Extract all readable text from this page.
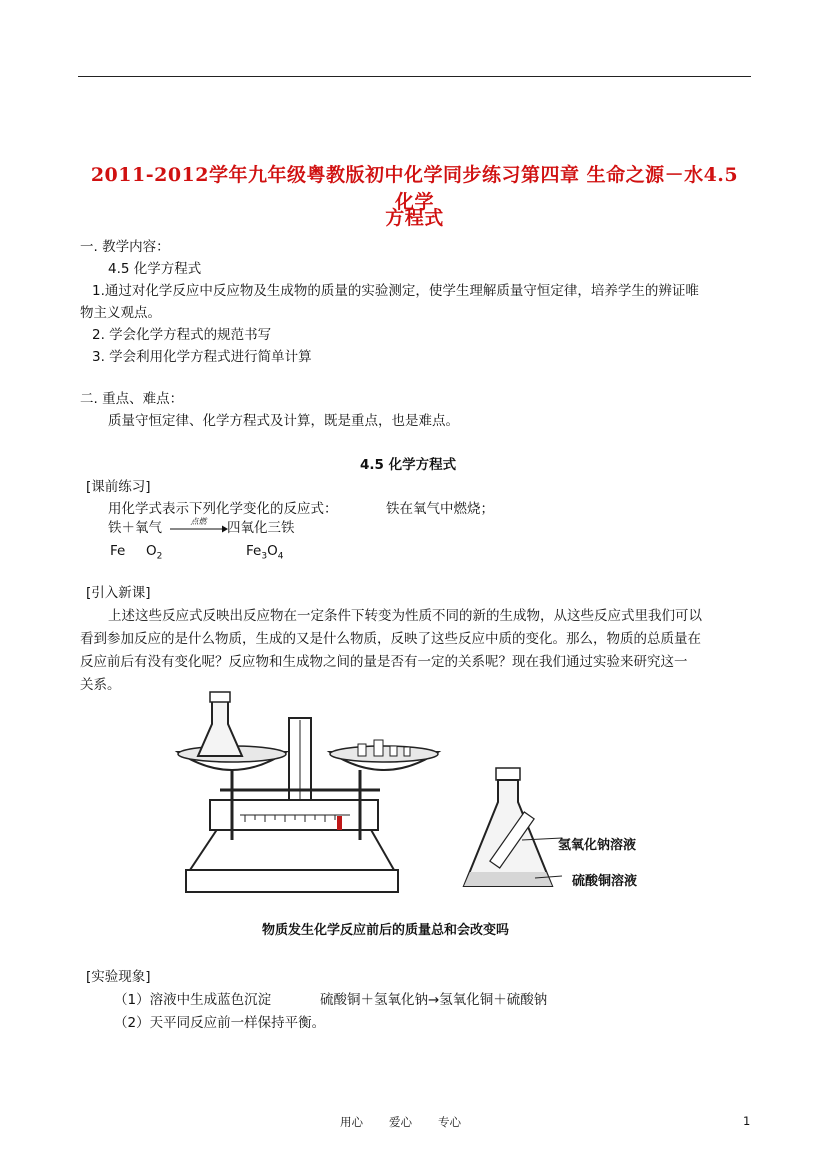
2011-2012学年九年级粤教版初中化学同步练习第四章 生命之源－水4.5 化学
方程式
一. 教学内容：
4.5 化学方程式
1.通过对化学反应中反应物及生成物的质量的实验测定，使学生理解质量守恒定律，培养学生的辨证唯
物主义观点。
2. 学会化学方程式的规范书写
3. 学会利用化学方程式进行简单计算
二. 重点、难点：
质量守恒定律、化学方程式及计算，既是重点，也是难点。
4.5 化学方程式
[课前练习]
用化学式表示下列化学变化的反应式：	铁在氧气中燃烧；
铁＋氧气	点燃 → 四氧化三铁
Fe $O_2$	$Fe_3O_4$
[引入新课]
上述这些反应式反映出反应物在一定条件下转变为性质不同的新的生成物，从这些反应式里我们可以
看到参加反应的是什么物质，生成的又是什么物质，反映了这些反应中质的变化。那么，物质的总质量在
反应前后有没有变化呢？反应物和生成物之间的量是否有一定的关系呢？现在我们通过实验来研究这一
关系。
氢氧化钠溶液
硫酸铜溶液
物质发生化学反应前后的质量总和会改变吗
[实验现象]
（1）溶液中生成蓝色沉淀	硫酸铜＋氢氧化钠→氢氧化铜＋硫酸钠
（2）天平同反应前一样保持平衡。
用心 爱心 专心	1
